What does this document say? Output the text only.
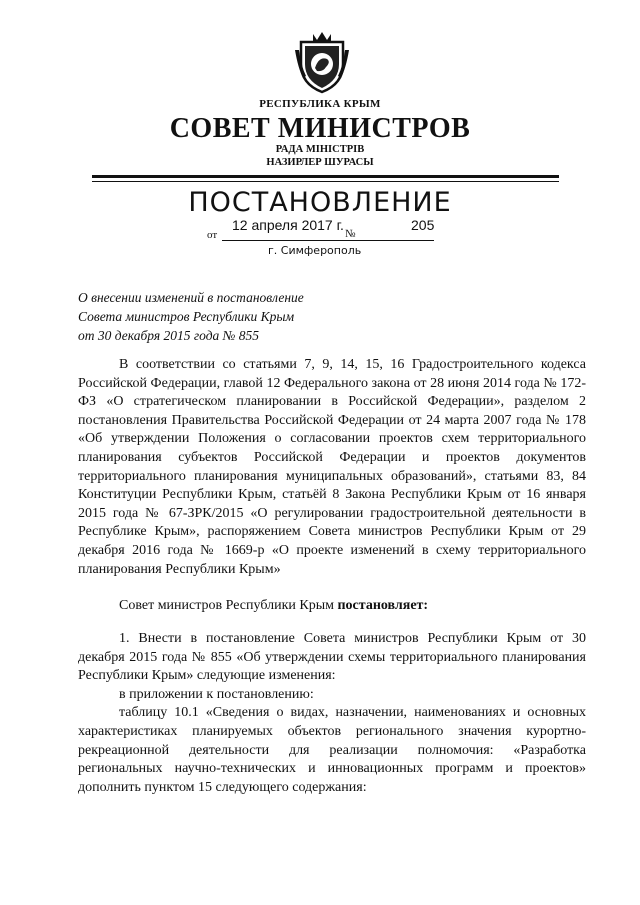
РЕСПУБЛИКА КРЫМ
СОВЕТ МИНИСТРОВ
РАДА МІНІСТРІВ
НАЗИРЛЕР ШУРАСЫ
ПОСТАНОВЛЕНИЕ
12 апреля 2017 г.	205
от	№
г. Симферополь
О внесении изменений в постановление
Совета министров Республики Крым
от 30 декабря 2015 года № 855

В соответствии со статьями 7, 9, 14, 15, 16 Градостроительного кодекса Российской Федерации, главой 12 Федерального закона от 28 июня 2014 года № 172-ФЗ «О стратегическом планировании в Российской Федерации», разделом 2 постановления Правительства Российской Федерации от 24 марта 2007 года № 178 «Об утверждении Положения о согласовании проектов схем территориального планирования субъектов Российской Федерации и проектов документов территориального планирования муниципальных образований», статьями 83, 84 Конституции Республики Крым, статьёй 8 Закона Республики Крым от 16 января 2015 года № 67-ЗРК/2015 «О регулировании градостроительной деятельности в Республике Крым», распоряжением Совета министров Республики Крым от 29 декабря 2016 года № 1669-р «О проекте изменений в схему территориального планирования Республики Крым»

Совет министров Республики Крым постановляет:

1. Внести в постановление Совета министров Республики Крым от 30 декабря 2015 года № 855 «Об утверждении схемы территориального планирования Республики Крым» следующие изменения:

в приложении к постановлению:

таблицу 10.1 «Сведения о видах, назначении, наименованиях и основных характеристиках планируемых объектов регионального значения курортно-рекреационной деятельности для реализации полномочия: «Разработка региональных научно-технических и инновационных программ и проектов» дополнить пунктом 15 следующего содержания:
